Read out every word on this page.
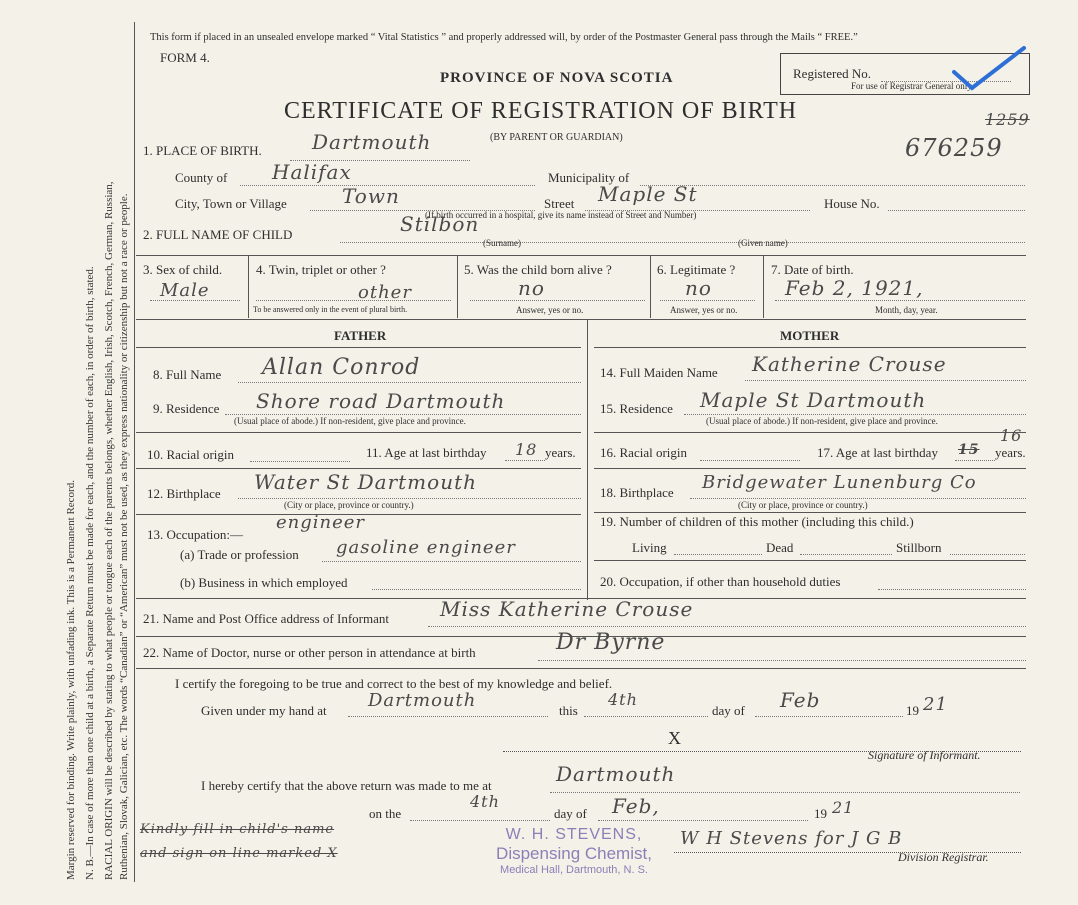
Margin reserved for binding. Write plainly, with unfading ink. This is a Permanent Record. N. B.—In case of more than one child at a birth, a Separate Return must be made for each, and the number of each, in order of birth, stated. RACIAL ORIGIN will be described by stating to what people or tongue each of the parents belongs, whether English, Irish, Scotch, French, German, Russian, Ruthenian, Slovak, Galician, etc. The words “Canadian” or “American” must not be used, as they express nationality or citizenship but not a race or people.
This form if placed in an unsealed envelope marked “ Vital Statistics ” and properly addressed will, by order of the Postmaster General pass through the Mails “ FREE.”
FORM 4.
PROVINCE OF NOVA SCOTIA
CERTIFICATE OF REGISTRATION OF BIRTH
(BY PARENT OR GUARDIAN)
Registered No.
For use of Registrar General only.
1259
676259
1. PLACE OF BIRTH.	Dartmouth
County of Halifax	Municipality of
City, Town or Village	Town	Street Maple St	House No.
(If birth occurred in a hospital, give its name instead of Street and Number)
2. FULL NAME OF CHILD	Stilbon
(Surname)	(Given name)
3. Sex of child.
Male
4. Twin, triplet or other ?
other
To be answered only in the event of plural birth.
5. Was the child born alive ?
no
Answer, yes or no.
6. Legitimate ?
no
Answer, yes or no.
7. Date of birth.
Feb 2, 1921,
Month, day, year.
FATHER	MOTHER
8. Full Name Allan Conrod
9. Residence Shore road Dartmouth
(Usual place of abode.) If non-resident, give place and province.
10. Racial origin	11. Age at last birthday 18 years.
12. Birthplace Water St Dartmouth
(City or place, province or country.)
13. Occupation:—
engineer
(a) Trade or profession gasoline engineer
(b) Business in which employed
14. Full Maiden Name Katherine Crouse
15. Residence Maple St Dartmouth
(Usual place of abode.) If non-resident, give place and province.
16. Racial origin	17. Age at last birthday 15
16
years.
18. Birthplace Bridgewater Lunenburg Co
(City or place, province or country.)
19. Number of children of this mother (including this child.)
Living	Dead	Stillborn
20. Occupation, if other than household duties
21. Name and Post Office address of Informant	Miss Katherine Crouse
22. Name of Doctor, nurse or other person in attendance at birth	Dr Byrne
I certify the foregoing to be true and correct to the best of my knowledge and belief.
Given under my hand at Dartmouth	this
4th
day of Feb	19 21
X
Signature of Informant.
I hereby certify that the above return was made to me at	Dartmouth
on the
4th
day of Feb,	19 21
Kindly fill in child's name
and sign on line marked X
W. H. STEVENS,
Dispensing Chemist,
Medical Hall, Dartmouth, N. S.
W H Stevens for J G B
Division Registrar.
